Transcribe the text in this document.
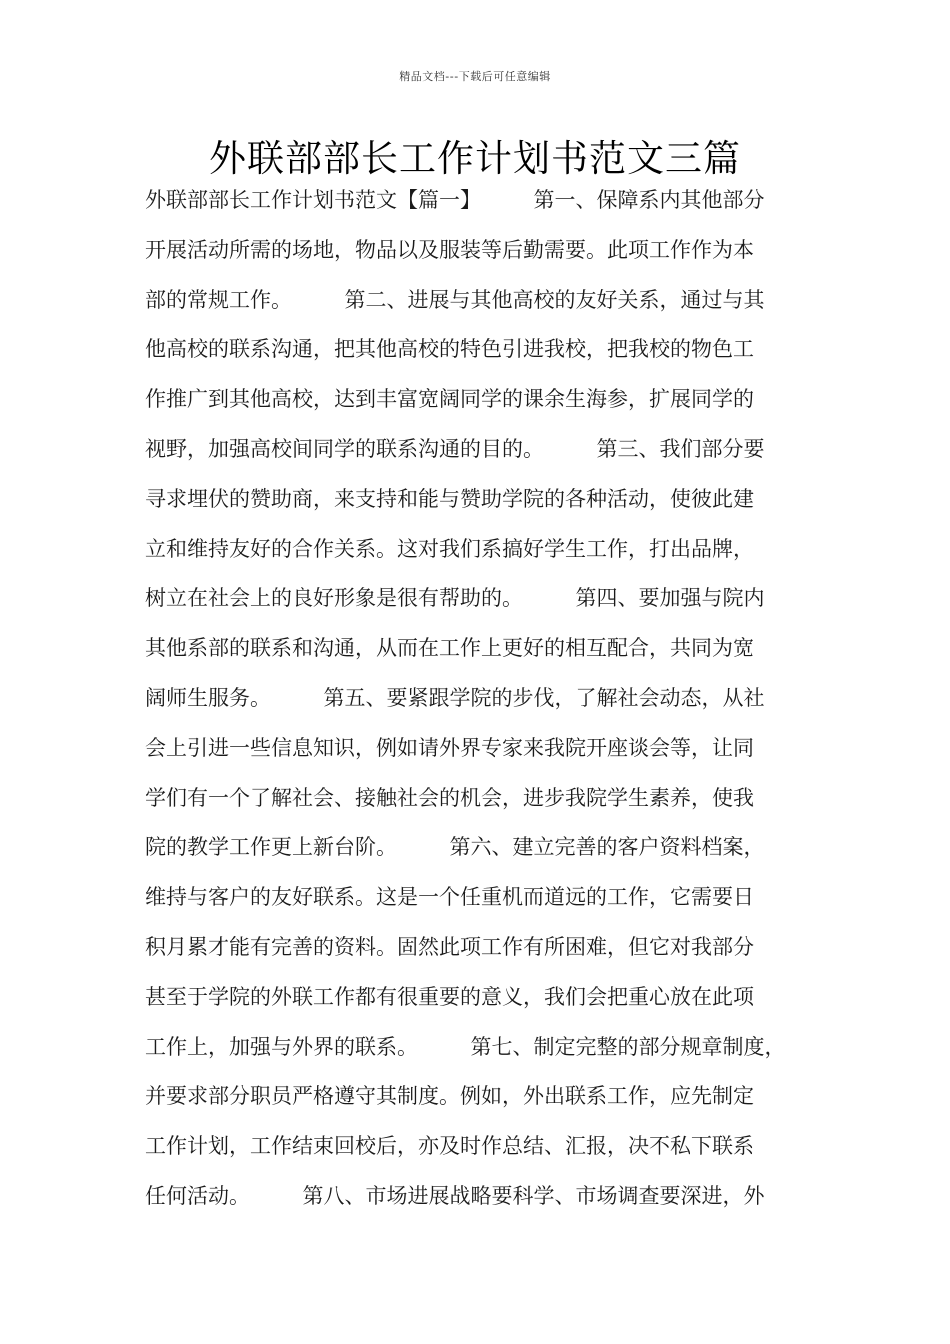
精品文档---下载后可任意编辑
外联部部长工作计划书范文三篇
外联部部长工作计划书范文【篇一】　　　第一、保障系内其他部分
开展活动所需的场地，物品以及服装等后勤需要。此项工作作为本
部的常规工作。　　　第二、进展与其他高校的友好关系，通过与其
他高校的联系沟通，把其他高校的特色引进我校，把我校的物色工
作推广到其他高校，达到丰富宽阔同学的课余生海参，扩展同学的
视野，加强高校间同学的联系沟通的目的。　　　第三、我们部分要
寻求埋伏的赞助商，来支持和能与赞助学院的各种活动，使彼此建
立和维持友好的合作关系。这对我们系搞好学生工作，打出品牌，
树立在社会上的良好形象是很有帮助的。　　　第四、要加强与院内
其他系部的联系和沟通，从而在工作上更好的相互配合，共同为宽
阔师生服务。　　　第五、要紧跟学院的步伐，了解社会动态，从社
会上引进一些信息知识，例如请外界专家来我院开座谈会等，让同
学们有一个了解社会、接触社会的机会，进步我院学生素养，使我
院的教学工作更上新台阶。　　　第六、建立完善的客户资料档案，
维持与客户的友好联系。这是一个任重机而道远的工作，它需要日
积月累才能有完善的资料。固然此项工作有所困难，但它对我部分
甚至于学院的外联工作都有很重要的意义，我们会把重心放在此项
工作上，加强与外界的联系。　　　第七、制定完整的部分规章制度，
并要求部分职员严格遵守其制度。例如，外出联系工作，应先制定
工作计划，工作结束回校后，亦及时作总结、汇报，决不私下联系
任何活动。　　　第八、市场进展战略要科学、市场调查要深进，外
